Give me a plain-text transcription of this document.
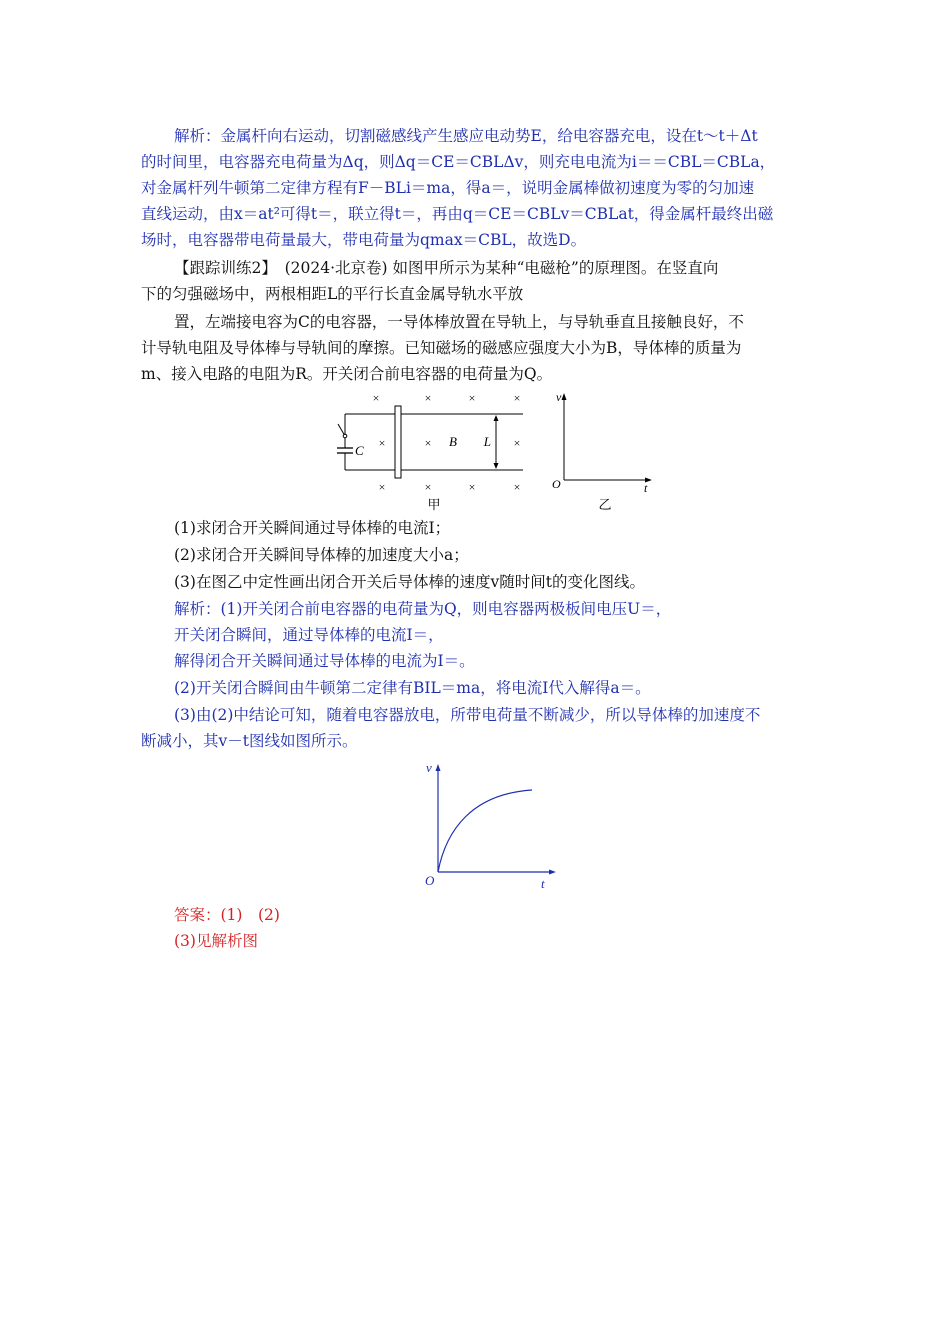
解析：金属杆向右运动，切割磁感线产生感应电动势E，给电容器充电，设在t～t＋Δt
的时间里，电容器充电荷量为Δq，则Δq＝CE＝CBLΔv，则充电电流为i＝＝CBL＝CBLa，
对金属杆列牛顿第二定律方程有F－BLi＝ma，得a＝，说明金属棒做初速度为零的匀加速
直线运动，由x＝at²可得t＝，联立得t＝，再由q＝CE＝CBLv＝CBLat，得金属杆最终出磁
场时，电容器带电荷量最大，带电荷量为qmax＝CBL，故选D。
【跟踪训练2】　(2024·北京卷) 如图甲所示为某种“电磁枪”的原理图。在竖直向
下的匀强磁场中，两根相距L的平行长直金属导轨水平放
置，左端接电容为C的电容器，一导体棒放置在导轨上，与导轨垂直且接触良好，不
计导轨电阻及导体棒与导轨间的摩擦。已知磁场的磁感应强度大小为B，导体棒的质量为
m、接入电路的电阻为R。开关闭合前电容器的电荷量为Q。
C
×	×	×	×
×	×	×
×	×	×	×
B L
甲
v
t
O
乙
(1)求闭合开关瞬间通过导体棒的电流I；
(2)求闭合开关瞬间导体棒的加速度大小a；
(3)在图乙中定性画出闭合开关后导体棒的速度v随时间t的变化图线。
解析：(1)开关闭合前电容器的电荷量为Q，则电容器两极板间电压U＝，
开关闭合瞬间，通过导体棒的电流I＝，
解得闭合开关瞬间通过导体棒的电流为I＝。
(2)开关闭合瞬间由牛顿第二定律有BIL＝ma，将电流I代入解得a＝。
(3)由(2)中结论可知，随着电容器放电，所带电荷量不断减少，所以导体棒的加速度不
断减小，其v－t图线如图所示。
v
t
O
答案：(1)　(2)
(3)见解析图
